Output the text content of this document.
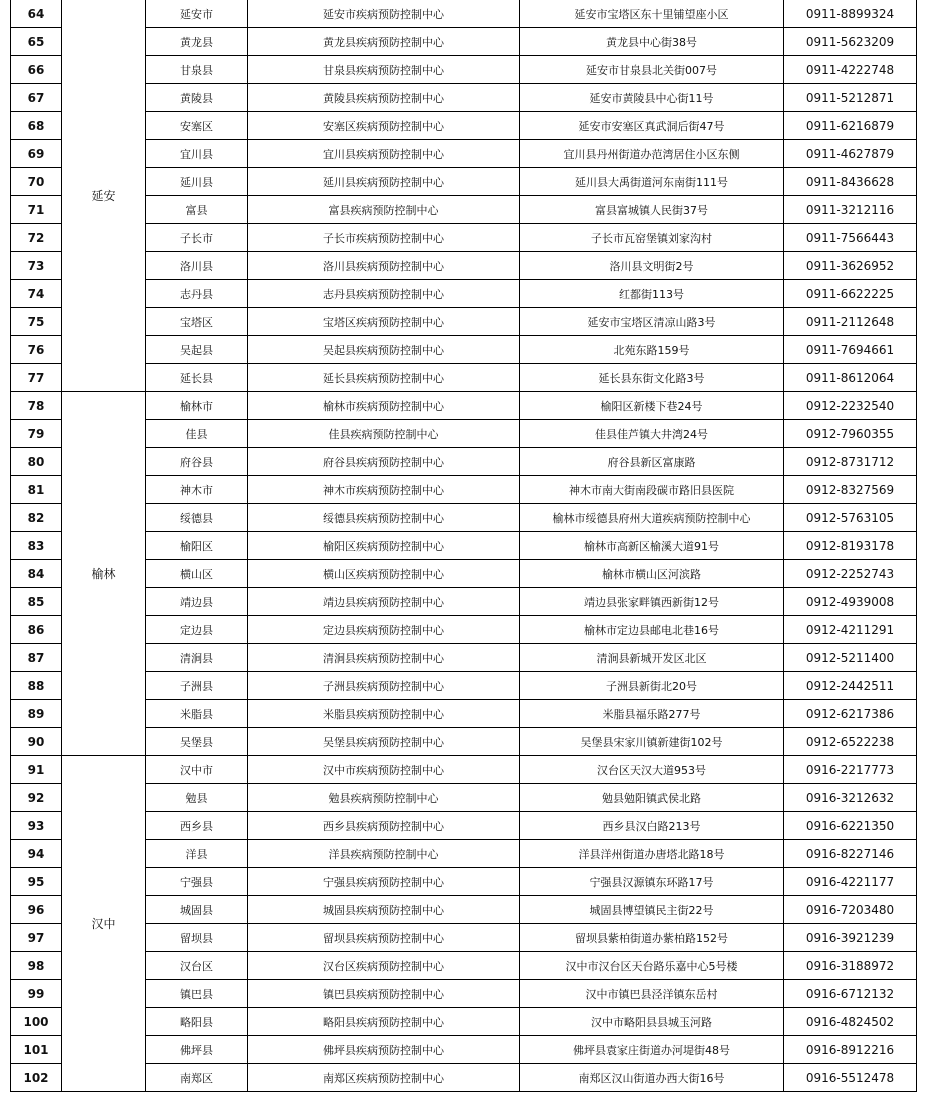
64	延安	延安市	延安市疾病预防控制中心	延安市宝塔区东十里铺望座小区	0911-8899324
65		黄龙县	黄龙县疾病预防控制中心	黄龙县中心街38号	0911-5623209
66		甘泉县	甘泉县疾病预防控制中心	延安市甘泉县北关街007号	0911-4222748
67		黄陵县	黄陵县疾病预防控制中心	延安市黄陵县中心街11号	0911-5212871
68		安塞区	安塞区疾病预防控制中心	延安市安塞区真武洞后街47号	0911-6216879
69		宜川县	宜川县疾病预防控制中心	宜川县丹州街道办范湾居住小区东侧	0911-4627879
70		延川县	延川县疾病预防控制中心	延川县大禹街道河东南街111号	0911-8436628
71		富县	富县疾病预防控制中心	富县富城镇人民街37号	0911-3212116
72		子长市	子长市疾病预防控制中心	子长市瓦窑堡镇刘家沟村	0911-7566443
73		洛川县	洛川县疾病预防控制中心	洛川县文明街2号	0911-3626952
74		志丹县	志丹县疾病预防控制中心	红都街113号	0911-6622225
75		宝塔区	宝塔区疾病预防控制中心	延安市宝塔区清凉山路3号	0911-2112648
76		吴起县	吴起县疾病预防控制中心	北苑东路159号	0911-7694661
77		延长县	延长县疾病预防控制中心	延长县东街文化路3号	0911-8612064
78	榆林	榆林市	榆林市疾病预防控制中心	榆阳区新楼下巷24号	0912-2232540
79		佳县	佳县疾病预防控制中心	佳县佳芦镇大井湾24号	0912-7960355
80		府谷县	府谷县疾病预防控制中心	府谷县新区富康路	0912-8731712
81		神木市	神木市疾病预防控制中心	神木市南大街南段碳市路旧县医院	0912-8327569
82		绥德县	绥德县疾病预防控制中心	榆林市绥德县府州大道疾病预防控制中心	0912-5763105
83		榆阳区	榆阳区疾病预防控制中心	榆林市高新区榆溪大道91号	0912-8193178
84		横山区	横山区疾病预防控制中心	榆林市横山区河滨路	0912-2252743
85		靖边县	靖边县疾病预防控制中心	靖边县张家畔镇西新街12号	0912-4939008
86		定边县	定边县疾病预防控制中心	榆林市定边县邮电北巷16号	0912-4211291
87		清涧县	清涧县疾病预防控制中心	清涧县新城开发区北区	0912-5211400
88		子洲县	子洲县疾病预防控制中心	子洲县新街北20号	0912-2442511
89		米脂县	米脂县疾病预防控制中心	米脂县福乐路277号	0912-6217386
90		吴堡县	吴堡县疾病预防控制中心	吴堡县宋家川镇新建街102号	0912-6522238
91	汉中	汉中市	汉中市疾病预防控制中心	汉台区天汉大道953号	0916-2217773
92		勉县	勉县疾病预防控制中心	勉县勉阳镇武侯北路	0916-3212632
93		西乡县	西乡县疾病预防控制中心	西乡县汉白路213号	0916-6221350
94		洋县	洋县疾病预防控制中心	洋县洋州街道办唐塔北路18号	0916-8227146
95		宁强县	宁强县疾病预防控制中心	宁强县汉源镇东环路17号	0916-4221177
96		城固县	城固县疾病预防控制中心	城固县博望镇民主街22号	0916-7203480
97		留坝县	留坝县疾病预防控制中心	留坝县紫柏街道办紫柏路152号	0916-3921239
98		汉台区	汉台区疾病预防控制中心	汉中市汉台区天台路乐嘉中心5号楼	0916-3188972
99		镇巴县	镇巴县疾病预防控制中心	汉中市镇巴县泾洋镇东岳村	0916-6712132
100		略阳县	略阳县疾病预防控制中心	汉中市略阳县县城玉河路	0916-4824502
101		佛坪县	佛坪县疾病预防控制中心	佛坪县袁家庄街道办河堤街48号	0916-8912216
102		南郑区	南郑区疾病预防控制中心	南郑区汉山街道办西大街16号	0916-5512478
